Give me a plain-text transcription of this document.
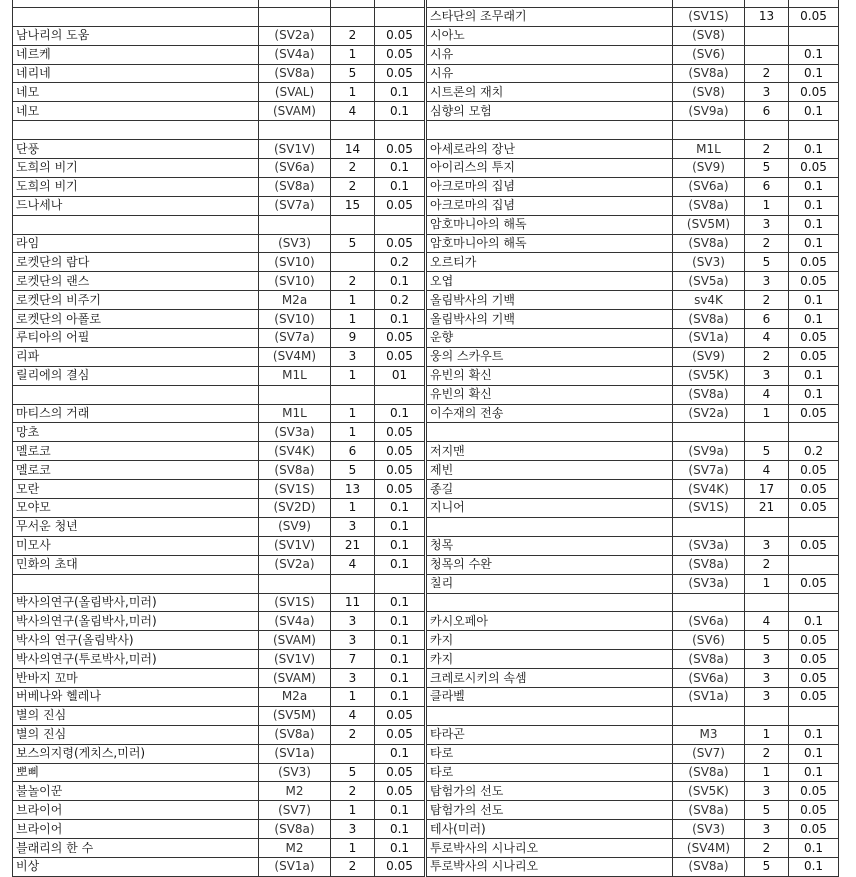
남나리의 도움	(SV2a)	2	0.05
네르케	(SV4a)	1	0.05
네리네	(SV8a)	5	0.05
네모	(SVAL)	1	0.1
네모	(SVAM)	4	0.1

단풍	(SV1V)	14	0.05
도희의 비기	(SV6a)	2	0.1
도희의 비기	(SV8a)	2	0.1
드나세나	(SV7a)	15	0.05

라임	(SV3)	5	0.05
로켓단의 람다	(SV10)		0.2
로켓단의 랜스	(SV10)	2	0.1
로켓단의 비주기	M2a	1	0.2
로켓단의 아폴로	(SV10)	1	0.1
루티아의 어필	(SV7a)	9	0.05
리파	(SV4M)	3	0.05
릴리에의 결심	M1L	1	01

마티스의 거래	M1L	1	0.1
망초	(SV3a)	1	0.05
멜로코	(SV4K)	6	0.05
멜로코	(SV8a)	5	0.05
모란	(SV1S)	13	0.05
모야모	(SV2D)	1	0.1
무서운 청년	(SV9)	3	0.1
미모사	(SV1V)	21	0.1
민화의 초대	(SV2a)	4	0.1

박사의연구(올림박사,미러)	(SV1S)	11	0.1
박사의연구(올림박사,미러)	(SV4a)	3	0.1
박사의 연구(올림박사)	(SVAM)	3	0.1
박사의연구(투로박사,미러)	(SV1V)	7	0.1
반바지 꼬마	(SVAM)	3	0.1
버베나와 헬레나	M2a	1	0.1
별의 진심	(SV5M)	4	0.05
별의 진심	(SV8a)	2	0.05
보스의지령(게치스,미러)	(SV1a)		0.1
뽀삐	(SV3)	5	0.05
불놀이꾼	M2	2	0.05
브라이어	(SV7)	1	0.1
브라이어	(SV8a)	3	0.1
블래리의 한 수	M2	1	0.1
비상	(SV1a)	2	0.05

스타단의 조무래기	(SV1S)	13	0.05
시아노	(SV8)		
시유	(SV6)		0.1
시유	(SV8a)	2	0.1
시트론의 재치	(SV8)	3	0.05
심향의 모험	(SV9a)	6	0.1

아세로라의 장난	M1L	2	0.1
아이리스의 투지	(SV9)	5	0.05
아크로마의 집념	(SV6a)	6	0.1
아크로마의 집념	(SV8a)	1	0.1
암호마니아의 해독	(SV5M)	3	0.1
암호마니아의 해독	(SV8a)	2	0.1
오르티가	(SV3)	5	0.05
오엽	(SV5a)	3	0.05
올림박사의 기백	sv4K	2	0.1
올림박사의 기백	(SV8a)	6	0.1
운향	(SV1a)	4	0.05
웅의 스카우트	(SV9)	2	0.05
유빈의 확신	(SV5K)	3	0.1
유빈의 확신	(SV8a)	4	0.1
이수재의 전송	(SV2a)	1	0.05

저지맨	(SV9a)	5	0.2
제빈	(SV7a)	4	0.05
종길	(SV4K)	17	0.05
지니어	(SV1S)	21	0.05

청목	(SV3a)	3	0.05
청목의 수완	(SV8a)	2	
칠리	(SV3a)	1	0.05

카시오페아	(SV6a)	4	0.1
카지	(SV6)	5	0.05
카지	(SV8a)	3	0.05
크레로시키의 속셈	(SV6a)	3	0.05
클라벨	(SV1a)	3	0.05

타라곤	M3	1	0.1
타로	(SV7)	2	0.1
타로	(SV8a)	1	0.1
탐험가의 선도	(SV5K)	3	0.05
탐험가의 선도	(SV8a)	5	0.05
테사(미러)	(SV3)	3	0.05
투로박사의 시나리오	(SV4M)	2	0.1
투로박사의 시나리오	(SV8a)	5	0.1
